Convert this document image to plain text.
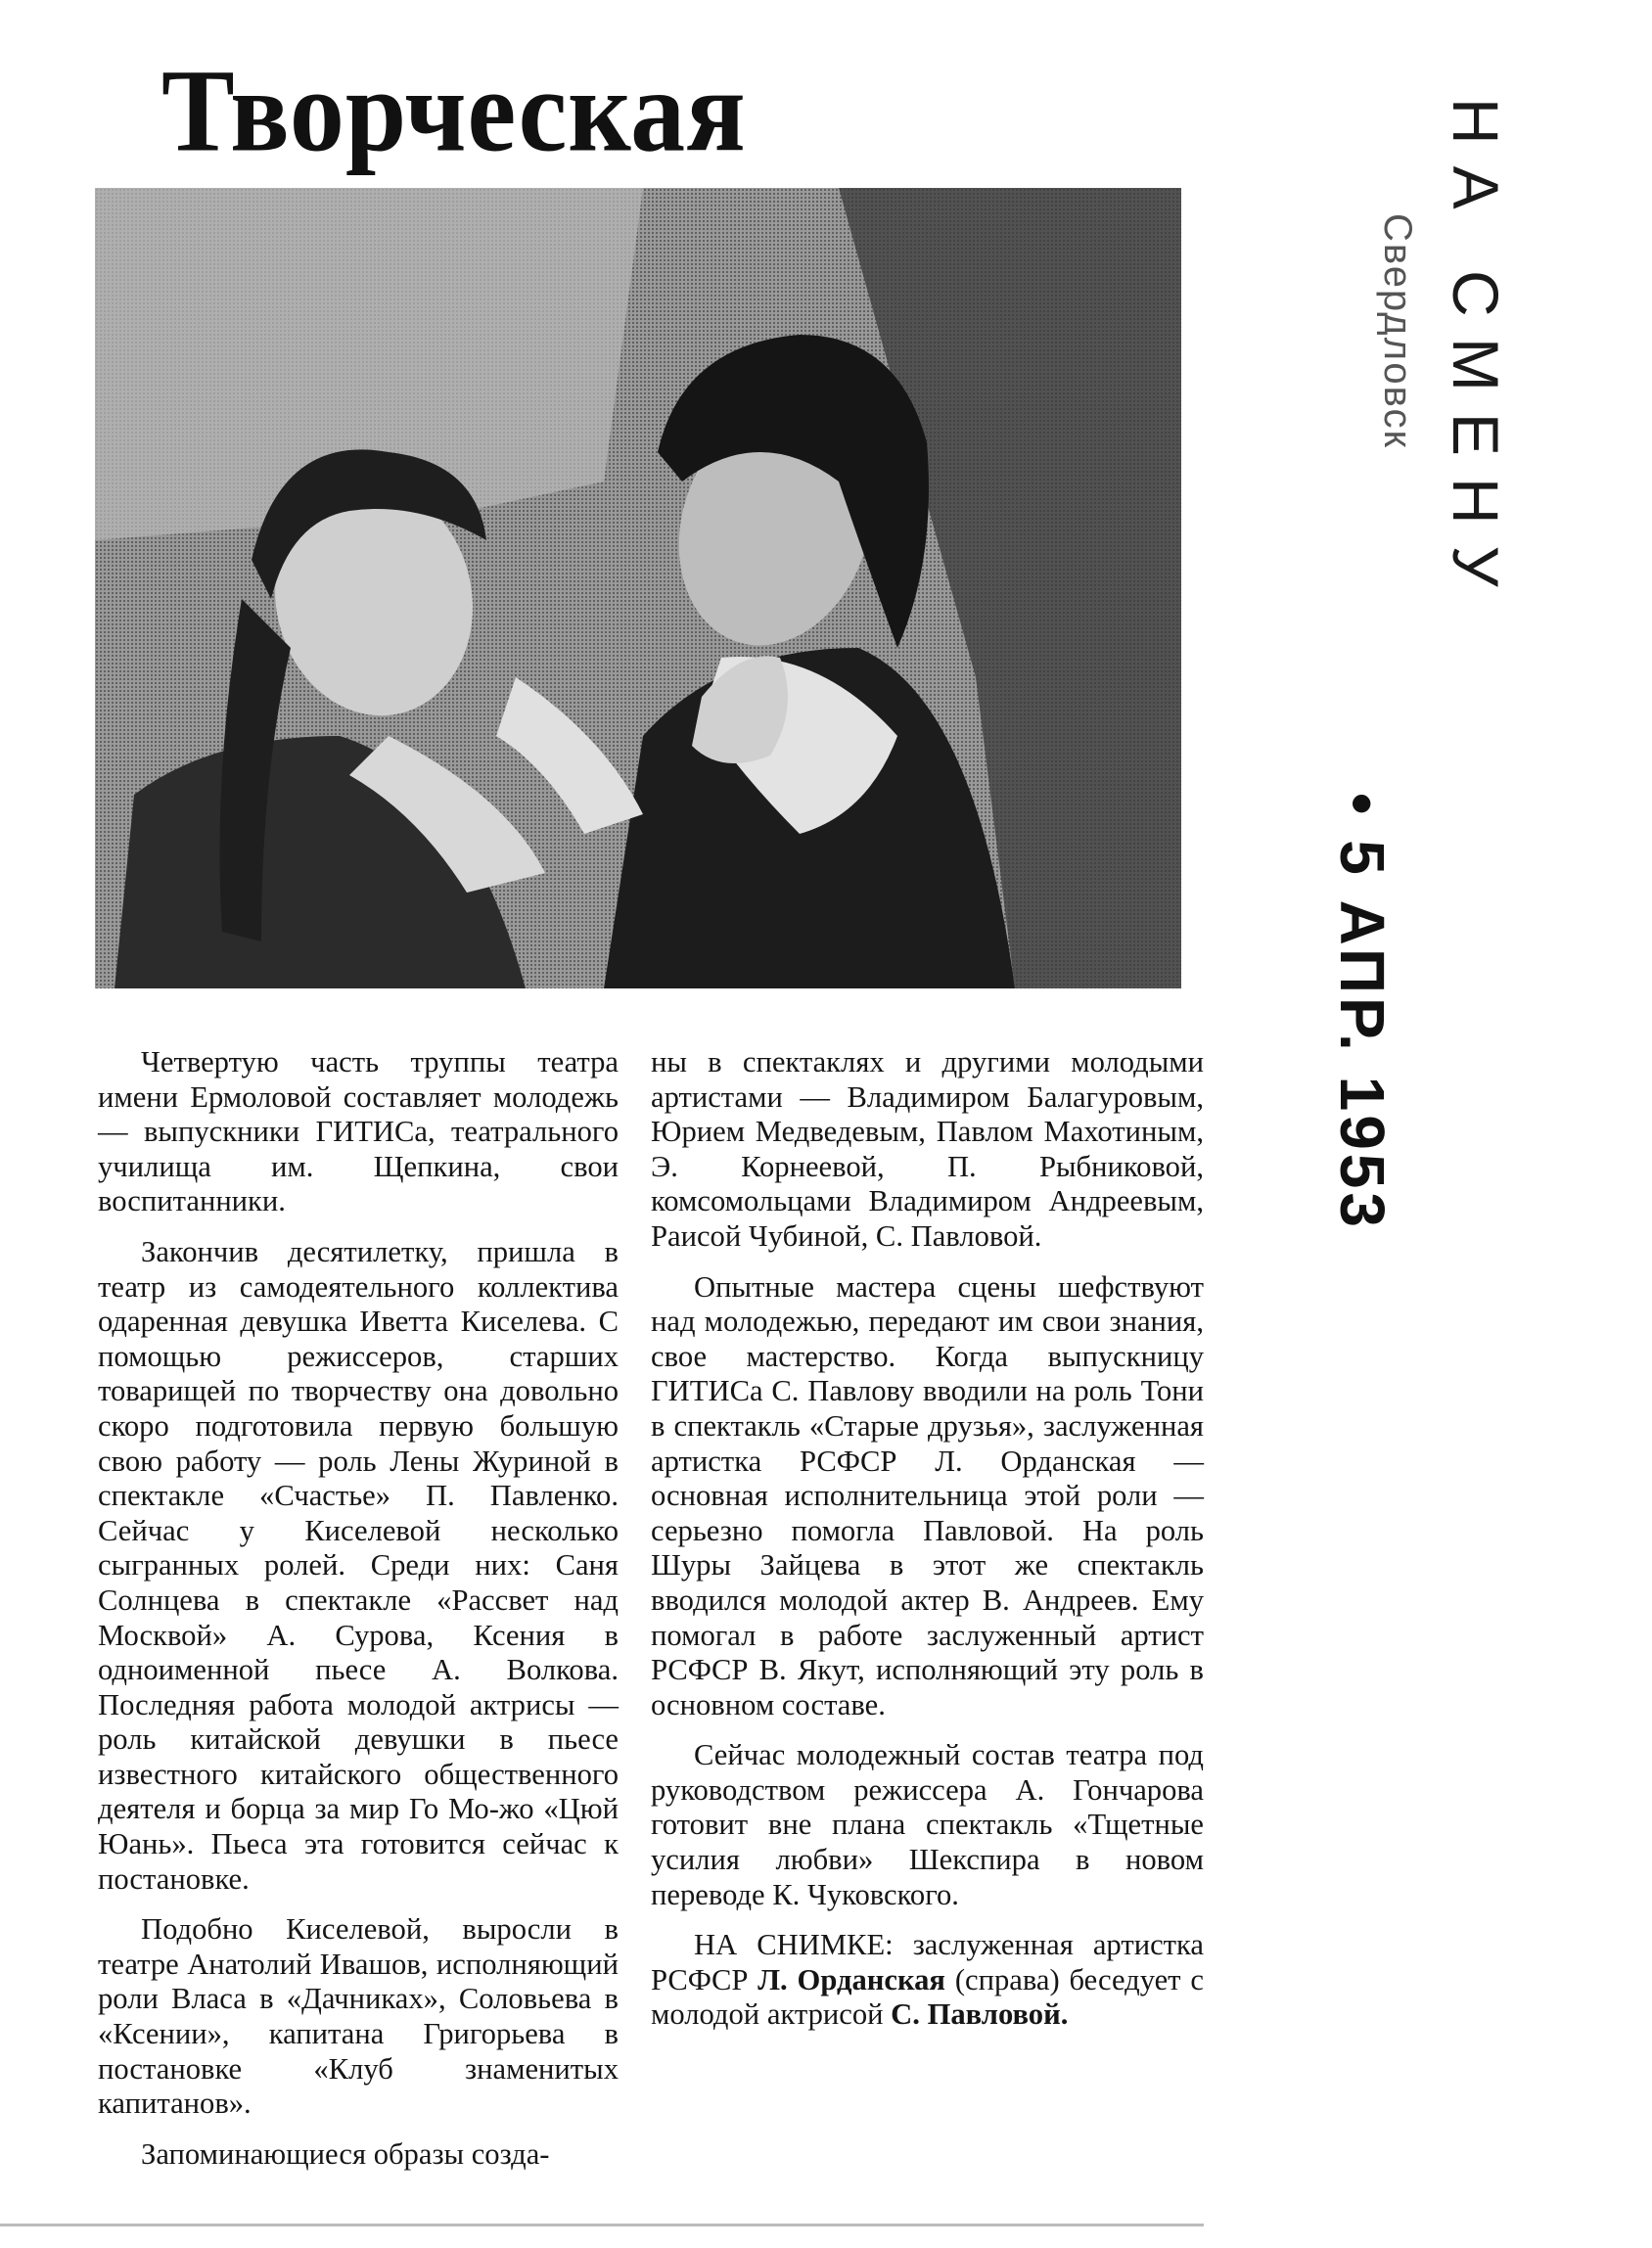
Творческая

Четвертую часть труппы театра имени Ермоловой составляет молодежь — выпускники ГИТИСа, театрального училища им. Щепкина, свои воспитанники.

Закончив десятилетку, пришла в театр из самодеятельного коллектива одаренная девушка Иветта Киселева. С помощью режиссеров, старших товарищей по творчеству она довольно скоро подготовила первую большую свою работу — роль Лены Журиной в спектакле «Счастье» П. Павленко. Сейчас у Киселевой несколько сыгранных ролей. Среди них: Саня Солнцева в спектакле «Рассвет над Москвой» А. Сурова, Ксения в одноименной пьесе А. Волкова. Последняя работа молодой актрисы — роль китайской девушки в пьесе известного китайского общественного деятеля и борца за мир Го Мо-жо «Цюй Юань». Пьеса эта готовится сейчас к постановке.

Подобно Киселевой, выросли в театре Анатолий Ивашов, исполняющий роли Власа в «Дачниках», Соловьева в «Ксении», капитана Григорьева в постановке «Клуб знаменитых капитанов».

Запоминающиеся образы созда-

ны в спектаклях и другими молодыми артистами — Владимиром Балагуровым, Юрием Медведевым, Павлом Махотиным, Э. Корнеевой, П. Рыбниковой, комсомольцами Владимиром Андреевым, Раисой Чубиной, С. Павловой.

Опытные мастера сцены шефствуют над молодежью, передают им свои знания, свое мастерство. Когда выпускницу ГИТИСа С. Павлову вводили на роль Тони в спектакль «Старые друзья», заслуженная артистка РСФСР Л. Орданская — основная исполнительница этой роли — серьезно помогла Павловой. На роль Шуры Зайцева в этот же спектакль вводился молодой актер В. Андреев. Ему помогал в работе заслуженный артист РСФСР В. Якут, исполняющий эту роль в основном составе.

Сейчас молодежный состав театра под руководством режиссера А. Гончарова готовит вне плана спектакль «Тщетные усилия любви» Шекспира в новом переводе К. Чуковского.

НА СНИМКЕ: заслуженная артистка РСФСР Л. Орданская (справа) беседует с молодой актрисой С. Павловой.

НА СМЕНУ
Свердловск
• 5 АПР. 1953
